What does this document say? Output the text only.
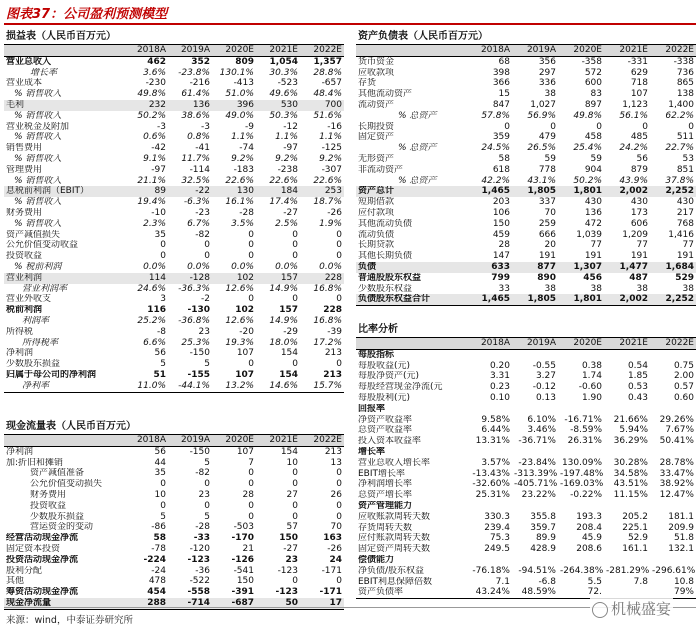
图表37：公司盈利预测模型
损益表（人民币百万元）
	2018A	2019A	2020E	2021E	2022E
营业总收入	462	352	809	1,054	1,357
增长率	3.6%	-23.8%	130.1%	30.3%	28.8%
营业成本	-230	-216	-413	-523	-657
% 销售收入	49.8%	61.4%	51.0%	49.6%	48.4%
毛利	232	136	396	530	700
% 销售收入	50.2%	38.6%	49.0%	50.3%	51.6%
营业税金及附加	-3	-3	-9	-12	-16
% 销售收入	0.6%	0.8%	1.1%	1.1%	1.1%
销售费用	-42	-41	-74	-97	-125
% 销售收入	9.1%	11.7%	9.2%	9.2%	9.2%
管理费用	-97	-114	-183	-238	-307
% 销售收入	21.1%	32.5%	22.6%	22.6%	22.6%
息税前利润（EBIT）	89	-22	130	184	253
% 销售收入	19.4%	-6.3%	16.1%	17.4%	18.7%
财务费用	-10	-23	-28	-27	-26
% 销售收入	2.3%	6.7%	3.5%	2.5%	1.9%
资产减值损失	35	-82	0	0	0
公允价值变动收益	0	0	0	0	0
投资收益	0	0	0	0	0
% 税前利润	0.0%	0.0%	0.0%	0.0%	0.0%
营业利润	114	-128	102	157	228
营业利润率	24.6%	-36.3%	12.6%	14.9%	16.8%
营业外收支	3	-2	0	0	0
税前利润	116	-130	102	157	228
利润率	25.2%	-36.8%	12.6%	14.9%	16.8%
所得税	-8	23	-20	-29	-39
所得税率	6.6%	25.3%	19.3%	18.0%	17.2%
净利润	56	-150	107	154	213
少数股东损益	5	5	0	0	0
归属于母公司的净利润	51	-155	107	154	213
净利率	11.0%	-44.1%	13.2%	14.6%	15.7%
资产负债表（人民币百万元）
	2018A	2019A	2020E	2021E	2022E
货币资金	68	356	-358	-331	-338
应收款项	398	297	572	629	736
存货	366	336	600	718	865
其他流动资产	15	38	83	107	138
流动资产	847	1,027	897	1,123	1,400
% 总资产	57.8%	56.9%	49.8%	56.1%	62.2%
长期投资	0	0	0	0	0
固定资产	359	479	458	485	511
% 总资产	24.5%	26.5%	25.4%	24.2%	22.7%
无形资产	58	59	59	56	53
非流动资产	618	778	904	879	851
% 总资产	42.2%	43.1%	50.2%	43.9%	37.8%
资产总计	1,465	1,805	1,801	2,002	2,252
短期借款	203	337	430	430	430
应付款项	106	70	136	173	217
其他流动负债	150	259	472	606	768
流动负债	459	666	1,039	1,209	1,416
长期贷款	28	20	77	77	77
其他长期负债	147	191	191	191	191
负债	633	877	1,307	1,477	1,684
普通股股东权益	799	890	456	487	529
少数股东权益	33	38	38	38	38
负债股东权益合计	1,465	1,805	1,801	2,002	2,252
比率分析
	2018A	2019A	2020E	2021E	2022E
每股指标					
每股收益(元)	0.20	-0.55	0.38	0.54	0.75
每股净资产(元)	3.31	3.27	1.74	1.85	2.00
每股经营现金净流(元	0.23	-0.12	-0.60	0.53	0.57
每股股利(元)	0.10	0.13	1.90	0.43	0.60
回报率					
净资产收益率	9.58%	6.10%	-16.71%	21.66%	29.26%
总资产收益率	6.44%	3.46%	-8.59%	5.94%	7.67%
投入资本收益率	13.31%	-36.71%	26.31%	36.29%	50.41%
增长率					
营业总收入增长率	3.57%	-23.84%	130.09%	30.28%	28.78%
EBIT增长率	-13.43%	-313.39%	-197.48%	34.58%	33.47%
净利润增长率	-32.60%	-405.71%	-169.03%	43.51%	38.92%
总资产增长率	25.31%	23.22%	-0.22%	11.15%	12.47%
资产管理能力					
应收账款周转天数	330.3	355.8	193.3	205.2	181.1
存货周转天数	239.4	359.7	208.4	225.1	209.9
应付账款周转天数	75.3	89.9	45.9	52.9	51.8
固定资产周转天数	249.5	428.9	208.6	161.1	132.1
偿债能力					
净负债/股东权益	-76.18%	-94.51%	-264.38%	-281.29%	-296.61%
EBIT利息保障倍数	7.1	-6.8	5.5	7.8	10.8
资产负债率	43.24%	48.59%	72.		79%
现金流量表（人民币百万元）
	2018A	2019A	2020E	2021E	2022E
净利润	56	-150	107	154	213
加:折旧和摊销	44	5	7	10	13
资产减值准备	35	-82	0	0	0
公允价值变动损失	0	0	0	0	0
财务费用	10	23	28	27	26
投资收益	0	0	0	0	0
少数股东损益	5	5	0	0	0
营运资金的变动	-86	-28	-503	57	70
经营活动现金净流	58	-33	-170	150	163
固定资本投资	-78	-120	21	-27	-26
投资活动现金净流	-224	-123	-126	23	24
股利分配	-24	-36	-541	-123	-171
其他	478	-522	150	0	0
筹资活动现金净流	454	-558	-391	-123	-171
现金净流量	288	-714	-687	50	17
来源：wind，中泰证券研究所
机械盛宴
